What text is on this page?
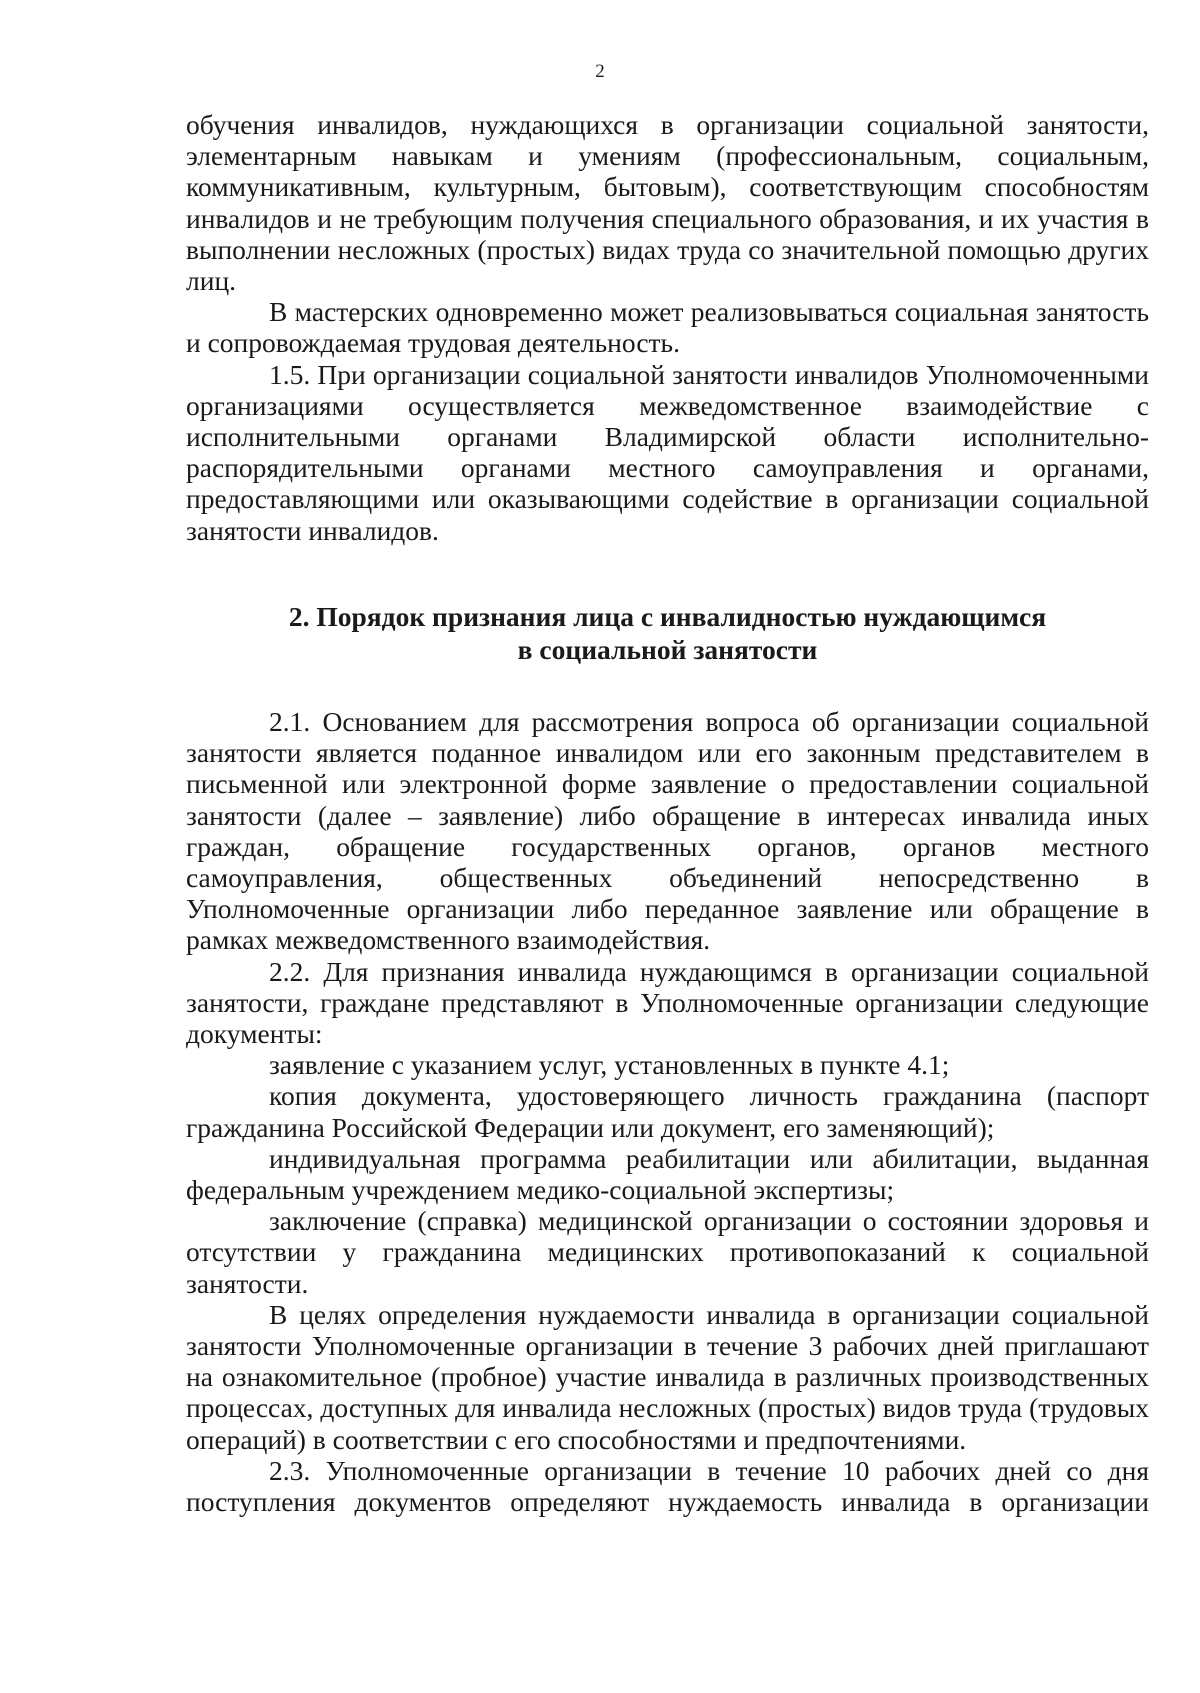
2

обучения инвалидов, нуждающихся в организации социальной занятости, элементарным навыкам и умениям (профессиональным, социальным, коммуникативным, культурным, бытовым), соответствующим способностям инвалидов и не требующим получения специального образования, и их участия в выполнении несложных (простых) видах труда со значительной помощью других лиц.

В мастерских одновременно может реализовываться социальная занятость и сопровождаемая трудовая деятельность.

1.5. При организации социальной занятости инвалидов Уполномоченными организациями осуществляется межведомственное взаимодействие с исполнительными органами Владимирской области исполнительно-распорядительными органами местного самоуправления и органами, предоставляющими или оказывающими содействие в организации социальной занятости инвалидов.

2. Порядок признания лица с инвалидностью нуждающимся
в социальной занятости

2.1. Основанием для рассмотрения вопроса об организации социальной занятости является поданное инвалидом или его законным представителем в письменной или электронной форме заявление о предоставлении социальной занятости (далее – заявление) либо обращение в интересах инвалида иных граждан, обращение государственных органов, органов местного самоуправления, общественных объединений непосредственно в Уполномоченные организации либо переданное заявление или обращение в рамках межведомственного взаимодействия.

2.2. Для признания инвалида нуждающимся в организации социальной занятости, граждане представляют в Уполномоченные организации следующие документы:

заявление с указанием услуг, установленных в пункте 4.1;

копия документа, удостоверяющего личность гражданина (паспорт гражданина Российской Федерации или документ, его заменяющий);

индивидуальная программа реабилитации или абилитации, выданная федеральным учреждением медико-социальной экспертизы;

заключение (справка) медицинской организации о состоянии здоровья и отсутствии у гражданина медицинских противопоказаний к социальной занятости.

В целях определения нуждаемости инвалида в организации социальной занятости Уполномоченные организации в течение 3 рабочих дней приглашают на ознакомительное (пробное) участие инвалида в различных производственных процессах, доступных для инвалида несложных (простых) видов труда (трудовых операций) в соответствии с его способностями и предпочтениями.

2.3. Уполномоченные организации в течение 10 рабочих дней со дня поступления документов определяют нуждаемость инвалида в организации
